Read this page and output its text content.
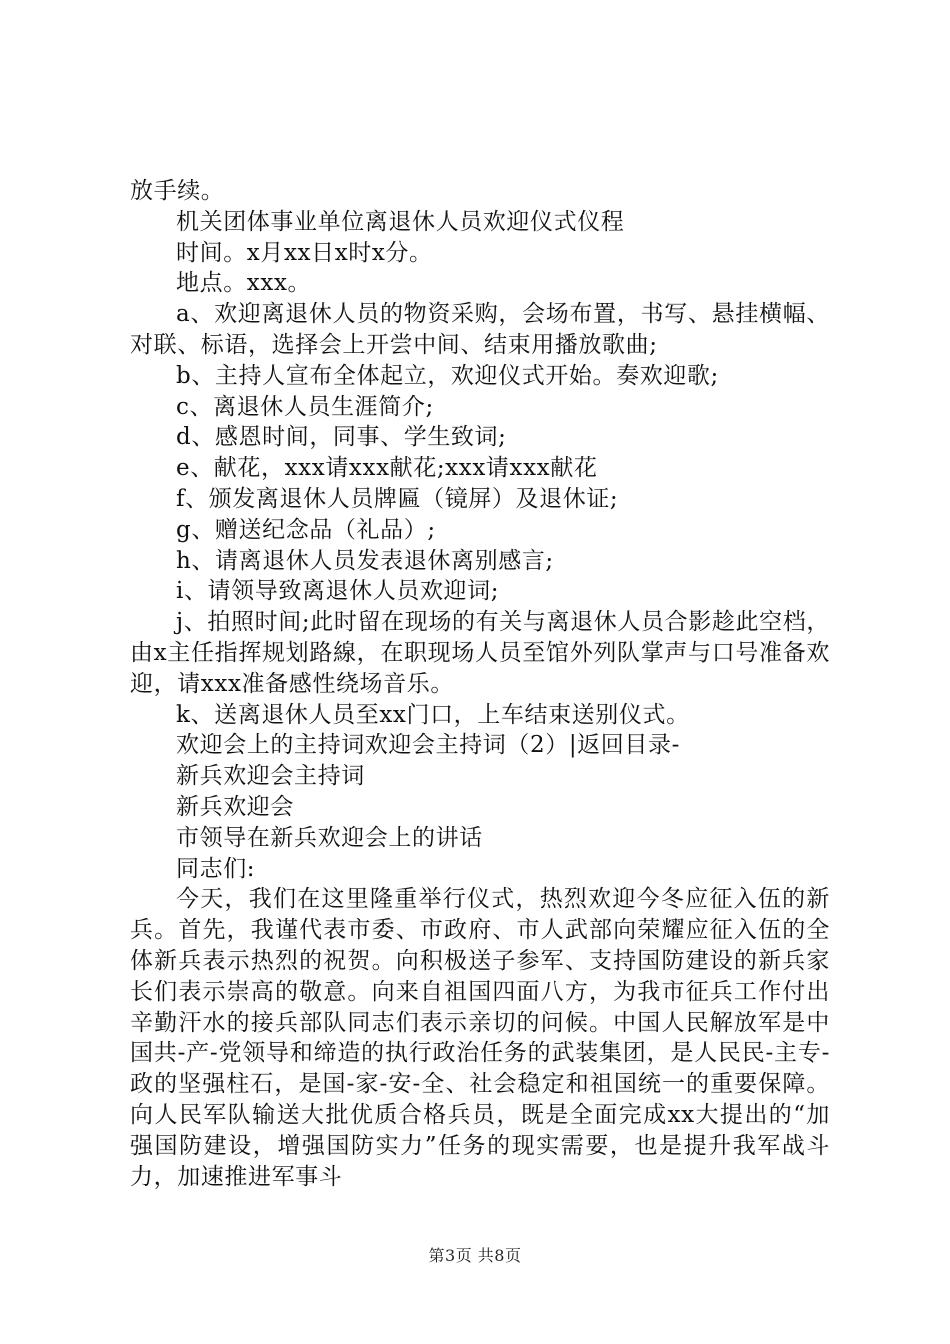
放手续。

机关团体事业单位离退休人员欢迎仪式仪程

时间。x月xx日x时x分。

地点。xxx。

a、欢迎离退休人员的物资采购，会场布置，书写、悬挂横幅、对联、标语，选择会上开尝中间、结束用播放歌曲;

b、主持人宣布全体起立，欢迎仪式开始。奏欢迎歌;

c、离退休人员生涯简介;

d、感恩时间，同事、学生致词;

e、献花，xxx请xxx献花;xxx请xxx献花

f、颁发离退休人员牌匾（镜屏）及退休证;

g、赠送纪念品（礼品）;

h、请离退休人员发表退休离别感言;

i、请领导致离退休人员欢迎词;

j、拍照时间;此时留在现场的有关与离退休人员合影趁此空档，由x主任指挥规划路線，在职现场人员至馆外列队掌声与口号准备欢迎，请xxx准备感性绕场音乐。

k、送离退休人员至xx门口，上车结束送别仪式。

欢迎会上的主持词欢迎会主持词（2）|返回目录-

新兵欢迎会主持词

新兵欢迎会

市领导在新兵欢迎会上的讲话

同志们:

今天，我们在这里隆重举行仪式，热烈欢迎今冬应征入伍的新兵。首先，我谨代表市委、市政府、市人武部向荣耀应征入伍的全体新兵表示热烈的祝贺。向积极送子参军、支持国防建设的新兵家长们表示崇高的敬意。向来自祖国四面八方，为我市征兵工作付出辛勤汗水的接兵部队同志们表示亲切的问候。中国人民解放军是中国共-产-党领导和缔造的执行政治任务的武装集团，是人民民-主专-政的坚强柱石，是国-家-安-全、社会稳定和祖国统一的重要保障。向人民军队输送大批优质合格兵员，既是全面完成xx大提出的“加强国防建设，增强国防实力”任务的现实需要，也是提升我军战斗力，加速推进军事斗

第3页 共8页
